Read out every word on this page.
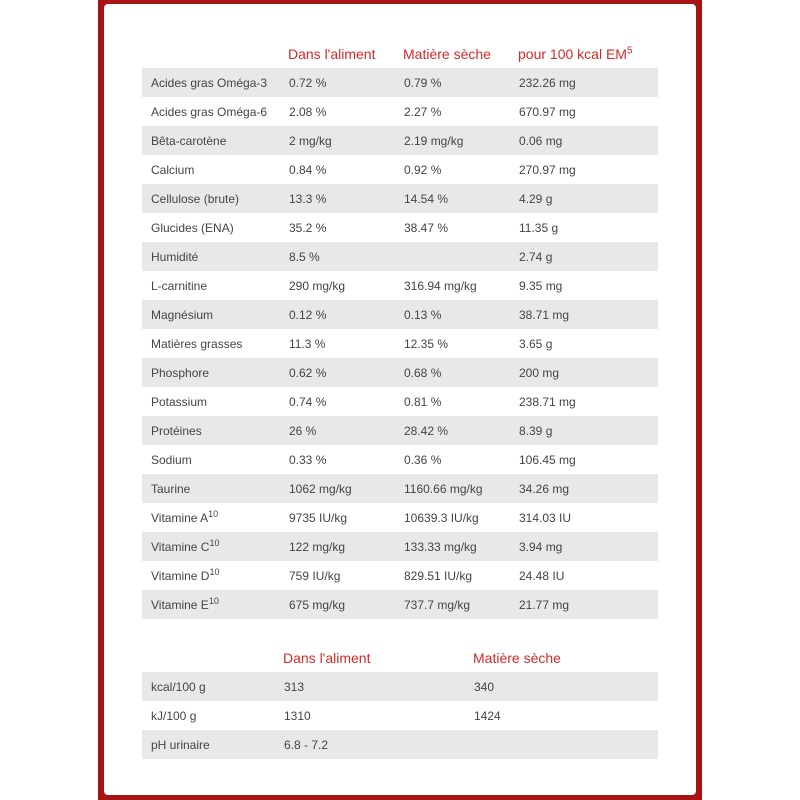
	Dans l'aliment	Matière sèche	pour 100 kcal $EM^5$
Acides gras Oméga-3	0.72 %	0.79 %	232.26 mg
Acides gras Oméga-6	2.08 %	2.27 %	670.97 mg
Bêta-carotène	2 mg/kg	2.19 mg/kg	0.06 mg
Calcium	0.84 %	0.92 %	270.97 mg
Cellulose (brute)	13.3 %	14.54 %	4.29 g
Glucides (ENA)	35.2 %	38.47 %	11.35 g
Humidité	8.5 %		2.74 g
L-carnitine	290 mg/kg	316.94 mg/kg	9.35 mg
Magnésium	0.12 %	0.13 %	38.71 mg
Matières grasses	11.3 %	12.35 %	3.65 g
Phosphore	0.62 %	0.68 %	200 mg
Potassium	0.74 %	0.81 %	238.71 mg
Protéines	26 %	28.42 %	8.39 g
Sodium	0.33 %	0.36 %	106.45 mg
Taurine	1062 mg/kg	1160.66 mg/kg	34.26 mg
Vitamine $A^{10}$	9735 IU/kg	10639.3 IU/kg	314.03 IU
Vitamine $C^{10}$	122 mg/kg	133.33 mg/kg	3.94 mg
Vitamine $D^{10}$	759 IU/kg	829.51 IU/kg	24.48 IU
Vitamine $E^{10}$	675 mg/kg	737.7 mg/kg	21.77 mg
	Dans l'aliment	Matière sèche
kcal/100 g	313	340
kJ/100 g	1310	1424
pH urinaire	6.8 - 7.2	
